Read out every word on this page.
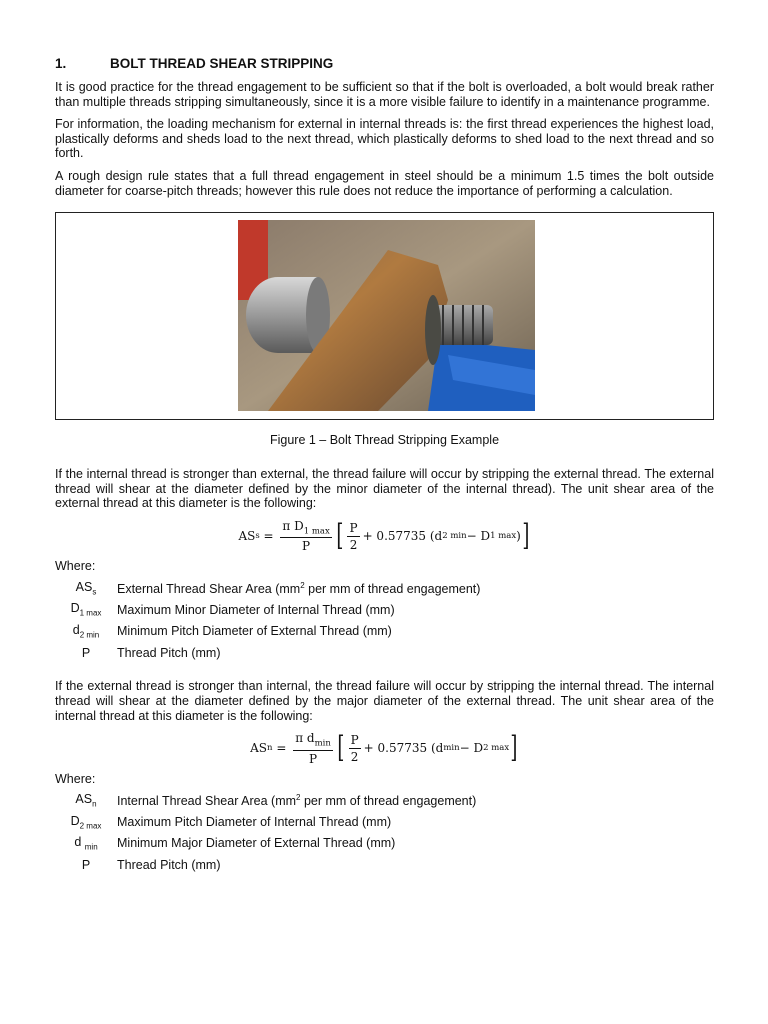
1.	BOLT THREAD SHEAR STRIPPING

It is good practice for the thread engagement to be sufficient so that if the bolt is overloaded, a bolt would break rather than multiple threads stripping simultaneously, since it is a more visible failure to identify in a maintenance programme.

For information, the loading mechanism for external in internal threads is: the first thread experiences the highest load, plastically deforms and sheds load to the next thread, which plastically deforms to shed load to the next thread and so forth.

A rough design rule states that a full thread engagement in steel should be a minimum 1.5 times the bolt outside diameter for coarse-pitch threads; however this rule does not reduce the importance of performing a calculation.

Figure 1 – Bolt Thread Stripping Example

If the internal thread is stronger than external, the thread failure will occur by stripping the external thread. The external thread will shear at the diameter defined by the minor diameter of the internal thread). The unit shear area of the external thread at this diameter is the following:

AS $s = \frac{\pi D_{1 max}}{P}$ [ $\frac{P}{2} + 0.57735$ (d 2 min − D 1 max ) ]
Where:
$AS_s$	External Thread Shear Area ($mm^2$ per mm of thread engagement)
$D_{1 max}$	Maximum Minor Diameter of Internal Thread (mm)
$d_{2 min}$	Minimum Pitch Diameter of External Thread (mm)
P	Thread Pitch (mm)

If the external thread is stronger than internal, the thread failure will occur by stripping the internal thread. The internal thread will shear at the diameter defined by the major diameter of the external thread. The unit shear area of the internal thread at this diameter is the following:

AS $n = \frac{\pi d_{min}}{P}$ [ $\frac{P}{2} + 0.57735$ (d min − D 2 max ]
Where:
$AS_n$	Internal Thread Shear Area ($mm^2$ per mm of thread engagement)
$D_{2 max}$	Maximum Pitch Diameter of Internal Thread (mm)
d $_{min}$	Minimum Major Diameter of External Thread (mm)
P	Thread Pitch (mm)
